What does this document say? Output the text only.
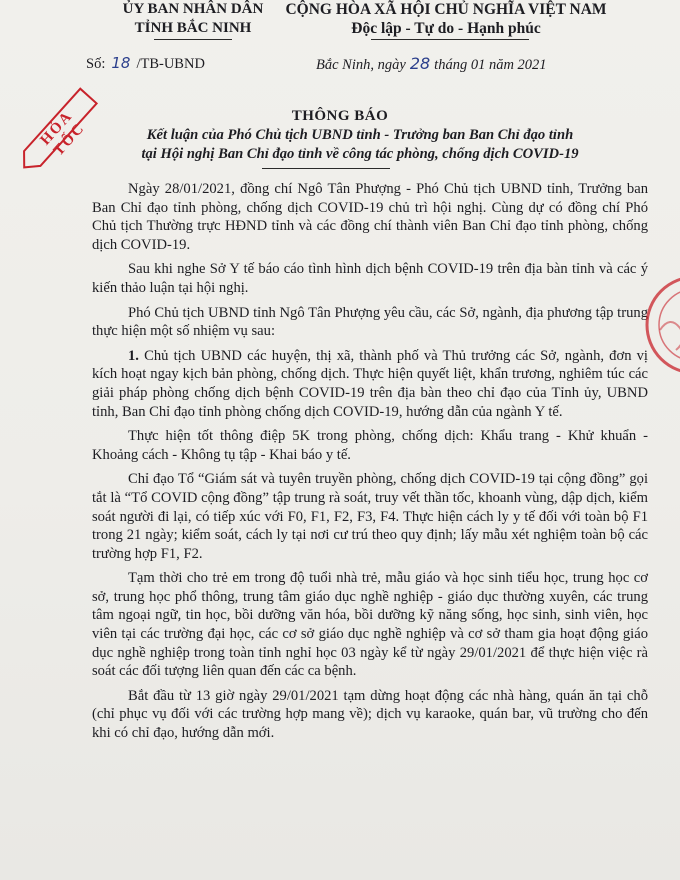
ỦY BAN NHÂN DÂN
TỈNH BẮC NINH
CỘNG HÒA XÃ HỘI CHỦ NGHĨA VIỆT NAM
Độc lập - Tự do - Hạnh phúc
Số: 18 /TB-UBND	Bắc Ninh, ngày 28 tháng 01 năm 2021
HỎA TỐC
THÔNG BÁO
Kết luận của Phó Chủ tịch UBND tỉnh - Trưởng ban Ban Chỉ đạo tỉnh
tại Hội nghị Ban Chỉ đạo tỉnh về công tác phòng, chống dịch COVID-19

Ngày 28/01/2021, đồng chí Ngô Tân Phượng - Phó Chủ tịch UBND tỉnh, Trưởng ban Ban Chỉ đạo tỉnh phòng, chống dịch COVID-19 chủ trì hội nghị. Cùng dự có đồng chí Phó Chủ tịch Thường trực HĐND tỉnh và các đồng chí thành viên Ban Chỉ đạo tỉnh phòng, chống dịch COVID-19.

Sau khi nghe Sở Y tế báo cáo tình hình dịch bệnh COVID-19 trên địa bàn tỉnh và các ý kiến thảo luận tại hội nghị.

Phó Chủ tịch UBND tỉnh Ngô Tân Phượng yêu cầu, các Sở, ngành, địa phương tập trung thực hiện một số nhiệm vụ sau:

1. Chủ tịch UBND các huyện, thị xã, thành phố và Thủ trưởng các Sở, ngành, đơn vị kích hoạt ngay kịch bản phòng, chống dịch. Thực hiện quyết liệt, khẩn trương, nghiêm túc các giải pháp phòng chống dịch bệnh COVID-19 trên địa bàn theo chỉ đạo của Tỉnh ủy, UBND tỉnh, Ban Chỉ đạo tỉnh phòng chống dịch COVID-19, hướng dẫn của ngành Y tế.

Thực hiện tốt thông điệp 5K trong phòng, chống dịch: Khẩu trang - Khử khuẩn - Khoảng cách - Không tụ tập - Khai báo y tế.

Chỉ đạo Tổ “Giám sát và tuyên truyền phòng, chống dịch COVID-19 tại cộng đồng” gọi tắt là “Tổ COVID cộng đồng” tập trung rà soát, truy vết thần tốc, khoanh vùng, dập dịch, kiểm soát người đi lại, có tiếp xúc với F0, F1, F2, F3, F4. Thực hiện cách ly y tế đối với toàn bộ F1 trong 21 ngày; kiểm soát, cách ly tại nơi cư trú theo quy định; lấy mẫu xét nghiệm toàn bộ các trường hợp F1, F2.

Tạm thời cho trẻ em trong độ tuổi nhà trẻ, mẫu giáo và học sinh tiểu học, trung học cơ sở, trung học phổ thông, trung tâm giáo dục nghề nghiệp - giáo dục thường xuyên, các trung tâm ngoại ngữ, tin học, bồi dưỡng văn hóa, bồi dưỡng kỹ năng sống, học sinh, sinh viên, học viên tại các trường đại học, các cơ sở giáo dục nghề nghiệp và cơ sở tham gia hoạt động giáo dục nghề nghiệp trong toàn tỉnh nghỉ học 03 ngày kể từ ngày 29/01/2021 để thực hiện việc rà soát các đối tượng liên quan đến các ca bệnh.

Bắt đầu từ 13 giờ ngày 29/01/2021 tạm dừng hoạt động các nhà hàng, quán ăn tại chỗ (chỉ phục vụ đối với các trường hợp mang về); dịch vụ karaoke, quán bar, vũ trường cho đến khi có chỉ đạo, hướng dẫn mới.
